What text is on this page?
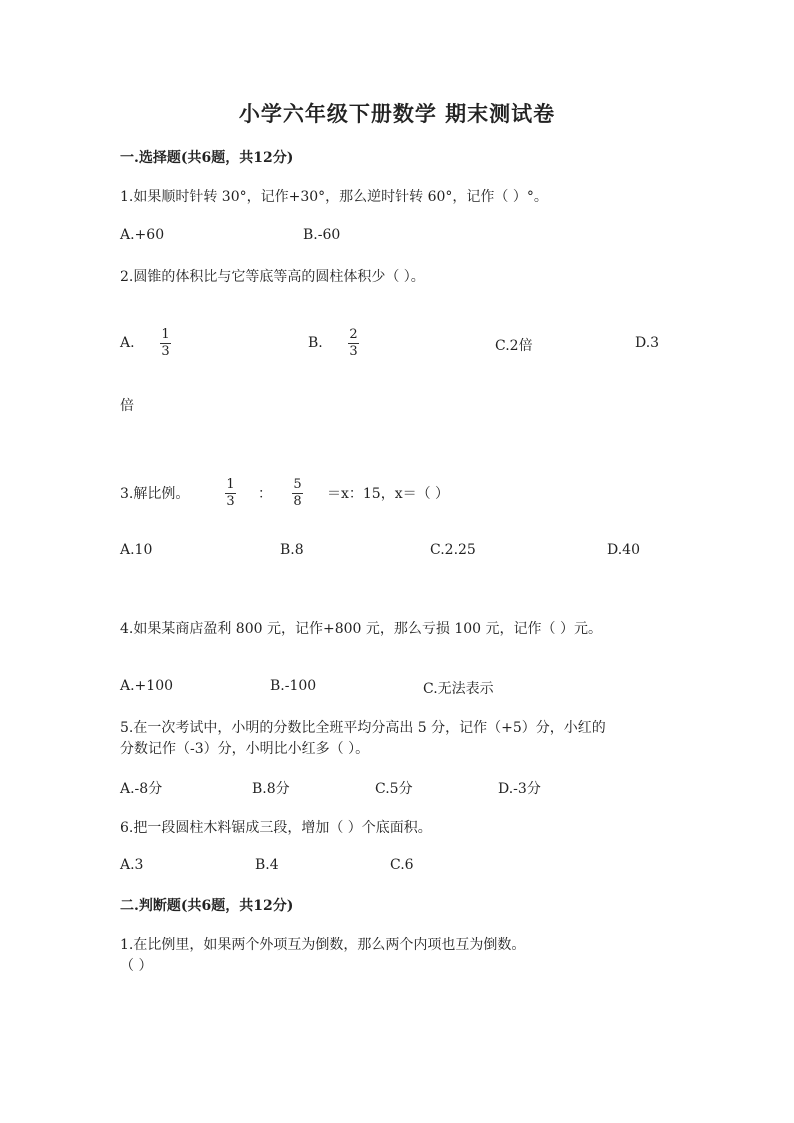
小学六年级下册数学 期末测试卷
一.选择题(共6题，共12分)
1.如果顺时针转 30°，记作+30°，那么逆时针转 60°，记作（ ）°。
A.+60	B.-60
2.圆锥的体积比与它等底等高的圆柱体积少（ ）。
A.
1
3
B.
2
3	C.2倍	D.3
倍
3.解比例。
1
3 ：
5
8 ＝x：15，x＝（ ）
A.10	B.8	C.2.25	D.40
4.如果某商店盈利 800 元，记作+800 元，那么亏损 100 元，记作（ ）元。
A.+100	B.-100	C.无法表示
5.在一次考试中，小明的分数比全班平均分高出 5 分，记作（+5）分，小红的
分数记作（-3）分，小明比小红多（ ）。
A.-8分	B.8分	C.5分	D.-3分
6.把一段圆柱木料锯成三段，增加（ ）个底面积。
A.3	B.4	C.6
二.判断题(共6题，共12分)
1.在比例里，如果两个外项互为倒数，那么两个内项也互为倒数。
（ ）
